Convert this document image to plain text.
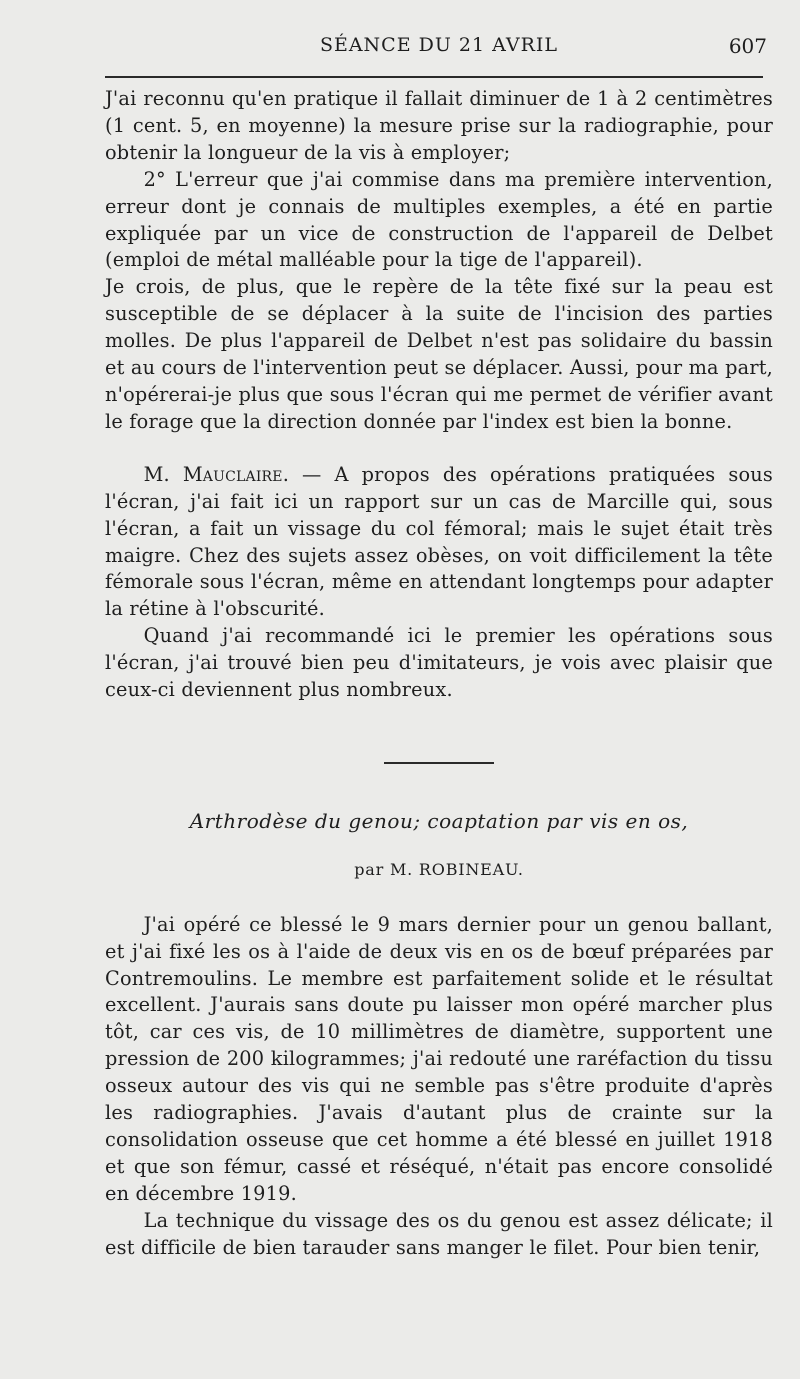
SÉANCE DU 21 AVRIL	607

J'ai reconnu qu'en pratique il fallait diminuer de 1 à 2 centimètres (1 cent. 5, en moyenne) la mesure prise sur la radiographie, pour obtenir la longueur de la vis à employer;

2° L'erreur que j'ai commise dans ma première intervention, erreur dont je connais de multiples exemples, a été en partie expliquée par un vice de construction de l'appareil de Delbet (emploi de métal malléable pour la tige de l'appareil).

Je crois, de plus, que le repère de la tête fixé sur la peau est susceptible de se déplacer à la suite de l'incision des parties molles. De plus l'appareil de Delbet n'est pas solidaire du bassin et au cours de l'intervention peut se déplacer. Aussi, pour ma part, n'opérerai-je plus que sous l'écran qui me permet de vérifier avant le forage que la direction donnée par l'index est bien la bonne.

M. Mauclaire. — A propos des opérations pratiquées sous l'écran, j'ai fait ici un rapport sur un cas de Marcille qui, sous l'écran, a fait un vissage du col fémoral; mais le sujet était très maigre. Chez des sujets assez obèses, on voit difficilement la tête fémorale sous l'écran, même en attendant longtemps pour adapter la rétine à l'obscurité.

Quand j'ai recommandé ici le premier les opérations sous l'écran, j'ai trouvé bien peu d'imitateurs, je vois avec plaisir que ceux-ci deviennent plus nombreux.

Arthrodèse du genou; coaptation par vis en os,
par M. ROBINEAU.

J'ai opéré ce blessé le 9 mars dernier pour un genou ballant, et j'ai fixé les os à l'aide de deux vis en os de bœuf préparées par Contremoulins. Le membre est parfaitement solide et le résultat excellent. J'aurais sans doute pu laisser mon opéré marcher plus tôt, car ces vis, de 10 millimètres de diamètre, supportent une pression de 200 kilogrammes; j'ai redouté une raréfaction du tissu osseux autour des vis qui ne semble pas s'être produite d'après les radiographies. J'avais d'autant plus de crainte sur la consolidation osseuse que cet homme a été blessé en juillet 1918 et que son fémur, cassé et réséqué, n'était pas encore consolidé en décembre 1919.

La technique du vissage des os du genou est assez délicate; il est difficile de bien tarauder sans manger le filet. Pour bien tenir,
